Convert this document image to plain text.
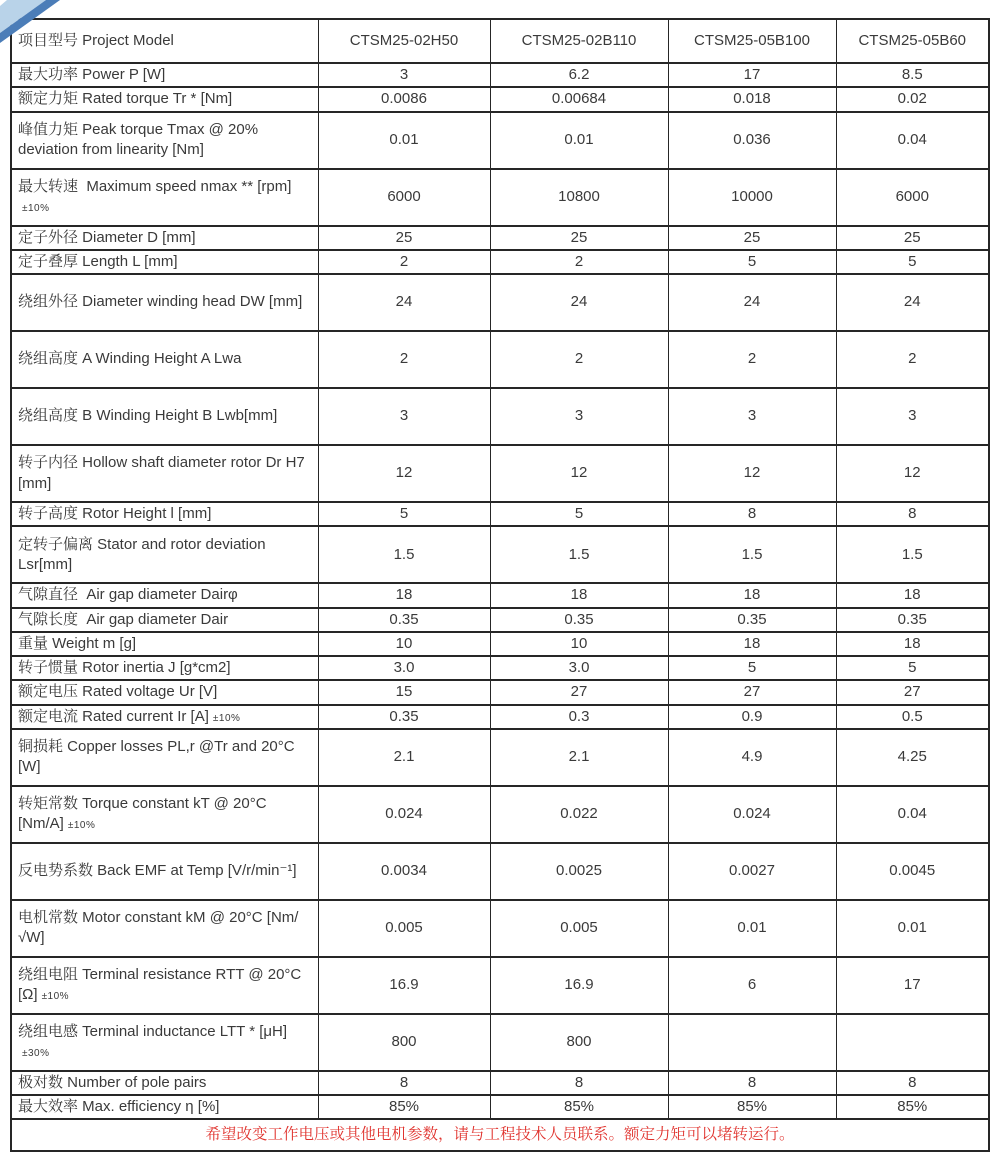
项目型号 Project Model	CTSM25-02H50	CTSM25-02B110	CTSM25-05B100	CTSM25-05B60
最大功率 Power P [W]	3	6.2	17	8.5
额定力矩 Rated torque Tr * [Nm]	0.0086	0.00684	0.018	0.02
峰值力矩 Peak torque Tmax @ 20% deviation from linearity [Nm]	0.01	0.01	0.036	0.04
最大转速  Maximum speed nmax ** [rpm]±10%	6000	10800	10000	6000
定子外径 Diameter D [mm]	25	25	25	25
定子叠厚 Length L [mm]	2	2	5	5
绕组外径 Diameter winding head DW [mm]	24	24	24	24
绕组高度 A Winding Height A Lwa	2	2	2	2
绕组高度 B Winding Height B Lwb[mm]	3	3	3	3
转子内径 Hollow shaft diameter rotor Dr H7 [mm]	12	12	12	12
转子高度 Rotor Height l [mm]	5	5	8	8
定转子偏离 Stator and rotor deviation Lsr[mm]	1.5	1.5	1.5	1.5
气隙直径  Air gap diameter Dairφ	18	18	18	18
气隙长度  Air gap diameter Dair	0.35	0.35	0.35	0.35
重量 Weight m [g]	10	10	18	18
转子惯量 Rotor inertia J [g*cm2]	3.0	3.0	5	5
额定电压 Rated voltage Ur [V]	15	27	27	27
额定电流 Rated current Ir [A] ±10%	0.35	0.3	0.9	0.5
铜损耗 Copper losses PL,r @Tr and 20°C [W]	2.1	2.1	4.9	4.25
转矩常数 Torque constant kT @ 20°C [Nm/A] ±10%	0.024	0.022	0.024	0.04
反电势系数 Back EMF at Temp [V/r/min⁻¹]	0.0034	0.0025	0.0027	0.0045
电机常数 Motor constant kM @ 20°C [Nm/ √W]	0.005	0.005	0.01	0.01
绕组电阻 Terminal resistance RTT @ 20°C [Ω] ±10%	16.9	16.9	6	17
绕组电感 Terminal inductance LTT * [μH]±30%	800	800		
极对数 Number of pole pairs	8	8	8	8
最大效率 Max. efficiency η [%]	85%	85%	85%	85%
希望改变工作电压或其他电机参数，请与工程技术人员联系。额定力矩可以堵转运行。				
